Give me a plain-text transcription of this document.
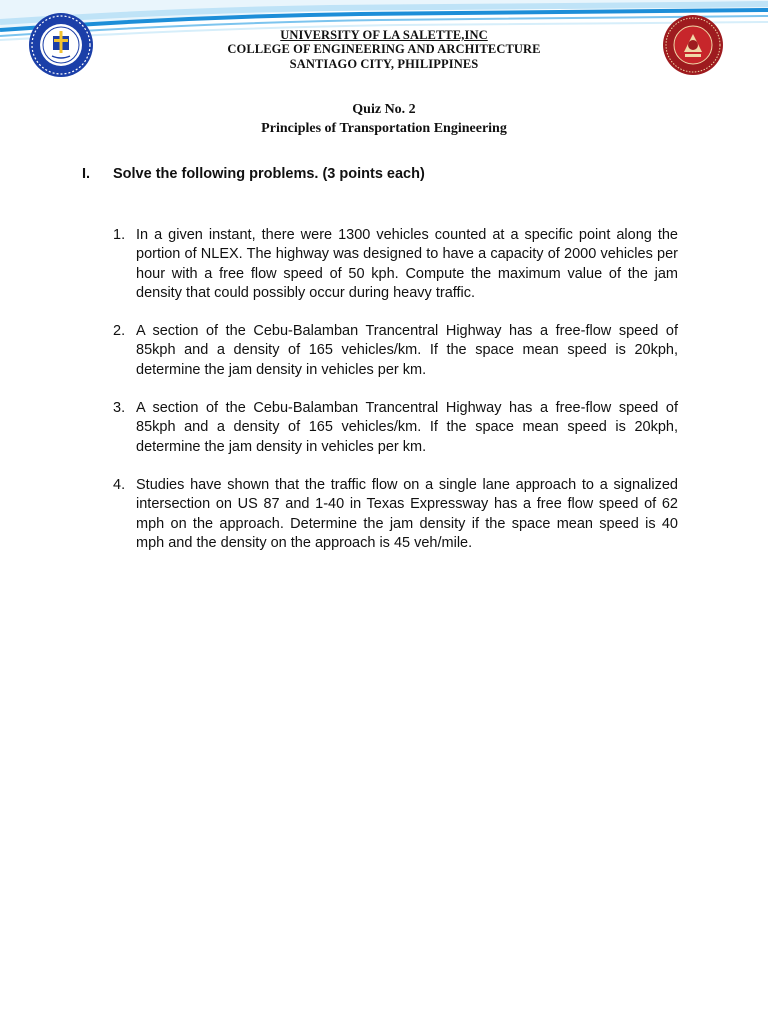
UNIVERSITY OF LA SALETTE,INC
COLLEGE OF ENGINEERING AND ARCHITECTURE
SANTIAGO CITY, PHILIPPINES
Quiz No. 2
Principles of Transportation Engineering
I. Solve the following problems. (3 points each)
1. In a given instant, there were 1300 vehicles counted at a specific point along the portion of NLEX. The highway was designed to have a capacity of 2000 vehicles per hour with a free flow speed of 50 kph. Compute the maximum value of the jam density that could possibly occur during heavy traffic.
2. A section of the Cebu-Balamban Trancentral Highway has a free-flow speed of 85kph and a density of 165 vehicles/km. If the space mean speed is 20kph, determine the jam density in vehicles per km.
3. A section of the Cebu-Balamban Trancentral Highway has a free-flow speed of 85kph and a density of 165 vehicles/km. If the space mean speed is 20kph, determine the jam density in vehicles per km.
4. Studies have shown that the traffic flow on a single lane approach to a signalized intersection on US 87 and 1-40 in Texas Expressway has a free flow speed of 62 mph on the approach. Determine the jam density if the space mean speed is 40 mph and the density on the approach is 45 veh/mile.
